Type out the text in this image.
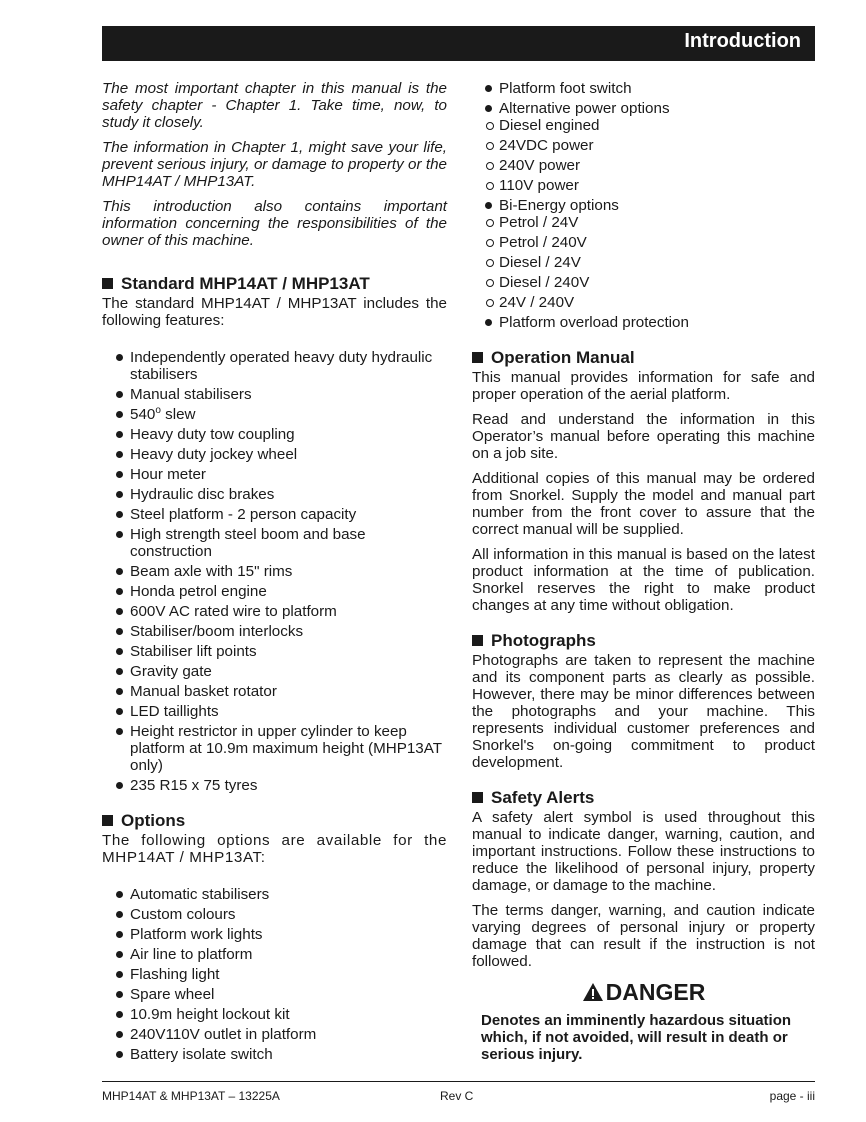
Introduction

The most important chapter in this manual is the safety chapter - Chapter 1. Take time, now, to study it closely.

The information in Chapter 1, might save your life, prevent serious injury, or damage to property or the MHP14AT / MHP13AT.

This introduction also contains important information concerning the responsibilities of the owner of this machine.

Standard MHP14AT / MHP13AT

The standard MHP14AT / MHP13AT includes the following features:

Independently operated heavy duty hydraulic stabilisers
Manual stabilisers
540$^o$ slew
Heavy duty tow coupling
Heavy duty jockey wheel
Hour meter
Hydraulic disc brakes
Steel platform - 2 person capacity
High strength steel boom and base construction
Beam axle with 15" rims
Honda petrol engine
600V AC rated wire to platform
Stabiliser/boom interlocks
Stabiliser lift points
Gravity gate
Manual basket rotator
LED taillights
Height restrictor in upper cylinder to keep platform at 10.9m maximum height (MHP13AT only)
235 R15 x 75 tyres
Options

The following options are available for the MHP14AT / MHP13AT:

Automatic stabilisers
Custom colours
Platform work lights
Air line to platform
Flashing light
Spare wheel
10.9m height lockout kit
240V110V outlet in platform
Battery isolate switch
Platform foot switch
Alternative power options
Diesel engined
24VDC power
240V power
110V power
Bi-Energy options
Petrol / 24V
Petrol / 240V
Diesel / 24V
Diesel / 240V
24V / 240V
Platform overload protection
Operation Manual

This manual provides information for safe and proper operation of the aerial platform.

Read and understand the information in this Operator’s manual before operating this machine on a job site.

Additional copies of this manual may be ordered from Snorkel. Supply the model and manual part number from the front cover to assure that the correct manual will be supplied.

All information in this manual is based on the latest product information at the time of publication. Snorkel reserves the right to make product changes at any time without obligation.

Photographs

Photographs are taken to represent the machine and its component parts as clearly as possible. However, there may be minor differences between the photographs and your machine. This represents individual customer preferences and Snorkel's on-going commitment to product development.

Safety Alerts

A safety alert symbol is used throughout this manual to indicate danger, warning, caution, and important instructions. Follow these instructions to reduce the likelihood of personal injury, property damage, or damage to the machine.

The terms danger, warning, and caution indicate varying degrees of personal injury or property damage that can result if the instruction is not followed.

DANGER

Denotes an imminently hazardous situation which, if not avoided, will result in death or serious injury.

MHP14AT & MHP13AT – 13225A	Rev C	page - iii
